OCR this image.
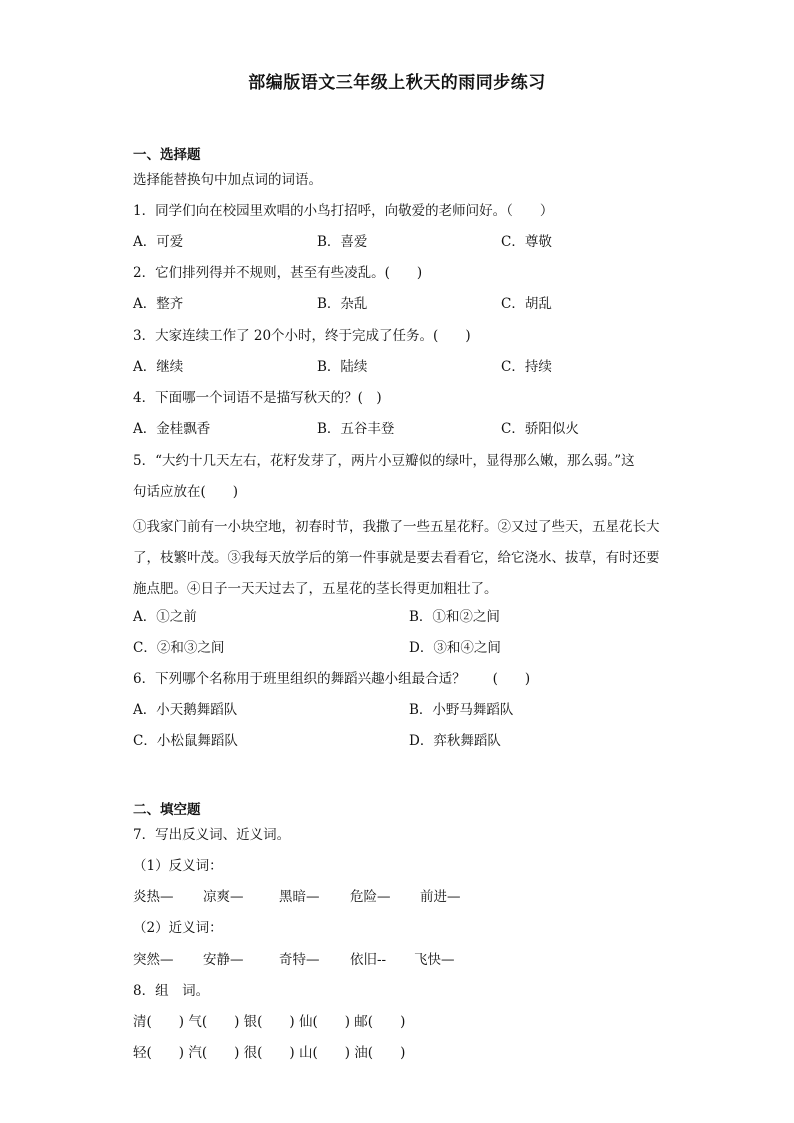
部编版语文三年级上秋天的雨同步练习
一、选择题
选择能替换句中加点词的词语。
1．同学们向在校园里欢唱的小鸟打招呼，向敬爱的老师问好。（　　）
A．可爱	B．喜爱	C．尊敬
2．它们排列得并不规则，甚至有些凌乱。(　　)
A．整齐	B．杂乱	C．胡乱
3．大家连续工作了 20个小时，终于完成了任务。(　　)
A．继续	B．陆续	C．持续
4．下面哪一个词语不是描写秋天的？(　)
A．金桂飘香	B．五谷丰登	C．骄阳似火
5．“大约十几天左右，花籽发芽了，两片小豆瓣似的绿叶，显得那么嫩，那么弱。”这
句话应放在(　　)
①我家门前有一小块空地，初春时节，我撒了一些五星花籽。②又过了些天，五星花长大了，枝繁叶茂。③我每天放学后的第一件事就是要去看看它，给它浇水、拔草，有时还要施点肥。④日子一天天过去了，五星花的茎长得更加粗壮了。
A．①之前	B．①和②之间
C．②和③之间	D．③和④之间
6．下列哪个名称用于班里组织的舞蹈兴趣小组最合适？　　(　　)
A．小天鹅舞蹈队	B．小野马舞蹈队
C．小松鼠舞蹈队	D．弈秋舞蹈队
二、填空题
7．写出反义词、近义词。
（1）反义词：
炎热— 凉爽—	黑暗— 危险— 前进—
（2）近义词：
突然— 安静—	奇特— 依旧-- 飞快—
8．组　词。
清(　　) 气(　　) 银(　　) 仙(　　) 邮(　　)
轻(　　) 汽(　　) 很(　　) 山(　　) 油(　　)
